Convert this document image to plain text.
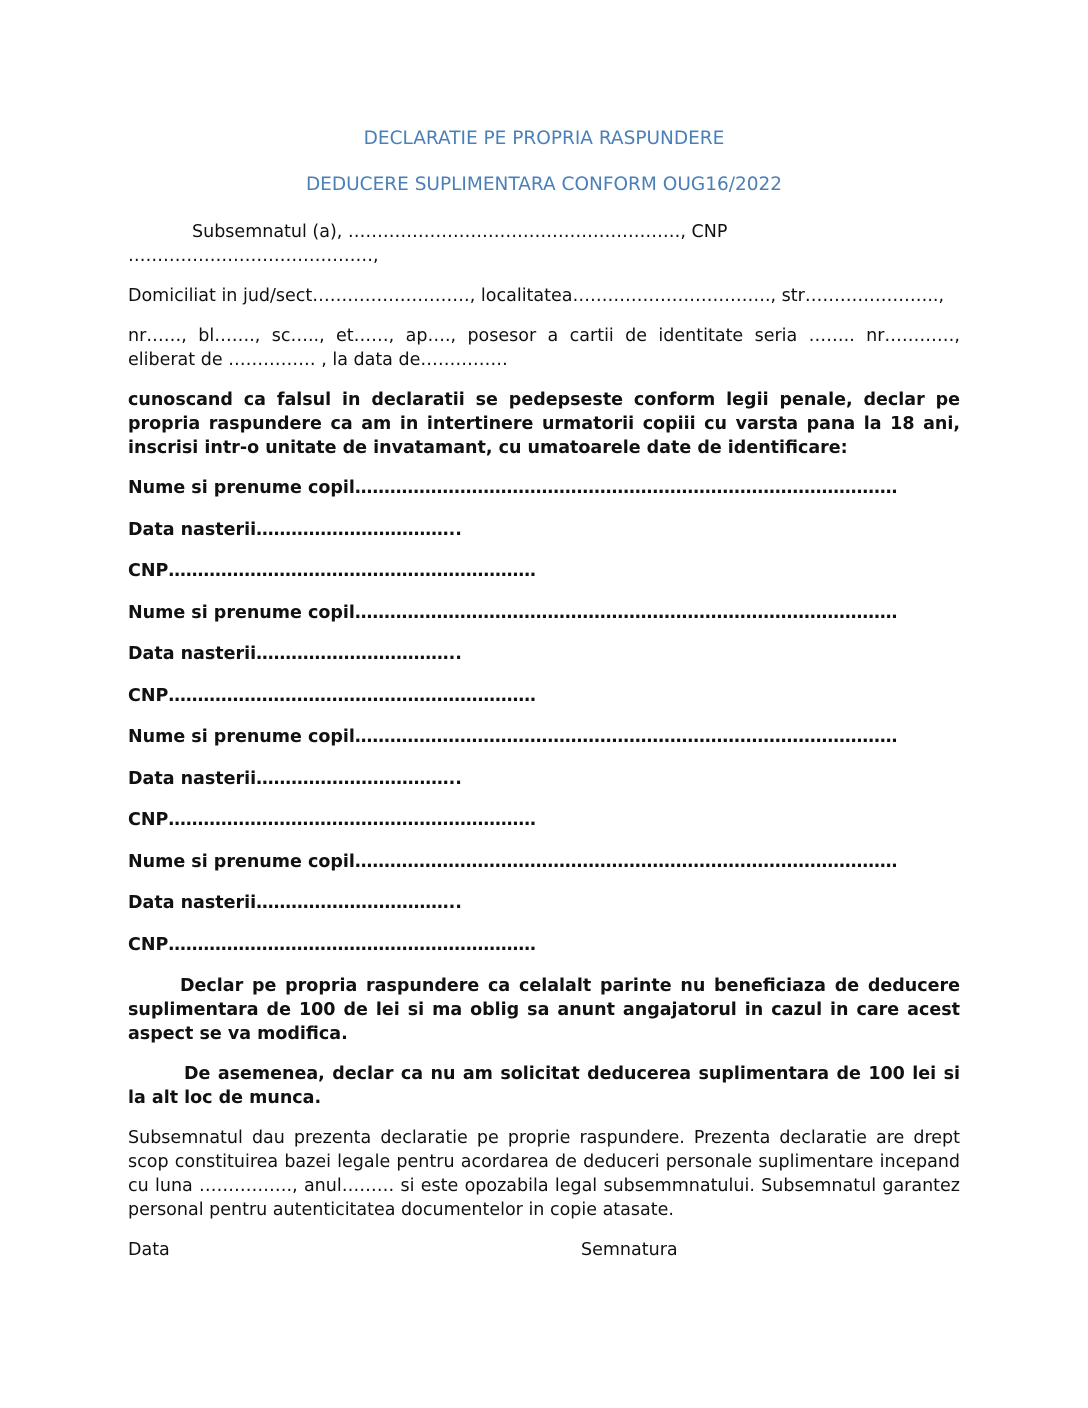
DECLARATIE PE PROPRIA RASPUNDERE
DEDUCERE SUPLIMENTARA CONFORM OUG16/2022

Subsemnatul (a), …………………………………………………, CNP ……………………………………,

Domiciliat in jud/sect………………………, localitatea……………………………., str…………………..,

nr……, bl……., sc….., et……, ap…., posesor a cartii de identitate seria …….. nr…………, eliberat de …………… , la data de……………

cunoscand ca falsul in declaratii se pedepseste conform legii penale, declar pe propria raspundere ca am in intertinere urmatorii copiii cu varsta pana la 18 ani, inscrisi intr-o unitate de invatamant, cu umatoarele date de identificare:

Nume si prenume copil…………………………………………………………………………………

Data nasterii……………………………..

CNP………………………………………………………

Nume si prenume copil…………………………………………………………………………………

Data nasterii……………………………..

CNP………………………………………………………

Nume si prenume copil…………………………………………………………………………………

Data nasterii……………………………..

CNP………………………………………………………

Nume si prenume copil…………………………………………………………………………………

Data nasterii……………………………..

CNP………………………………………………………

Declar pe propria raspundere ca celalalt parinte nu beneficiaza de deducere suplimentara de 100 de lei si ma oblig sa anunt angajatorul in cazul in care acest aspect se va modifica.

De asemenea, declar ca nu am solicitat deducerea suplimentara de 100 lei si la alt loc de munca.

Subsemnatul dau prezenta declaratie pe proprie raspundere. Prezenta declaratie are drept scop constituirea bazei legale pentru acordarea de deduceri personale suplimentare incepand cu luna ……………., anul……… si este opozabila legal subsemmnatului. Subsemnatul garantez personal pentru autenticitatea documentelor in copie atasate.

Data	Semnatura
